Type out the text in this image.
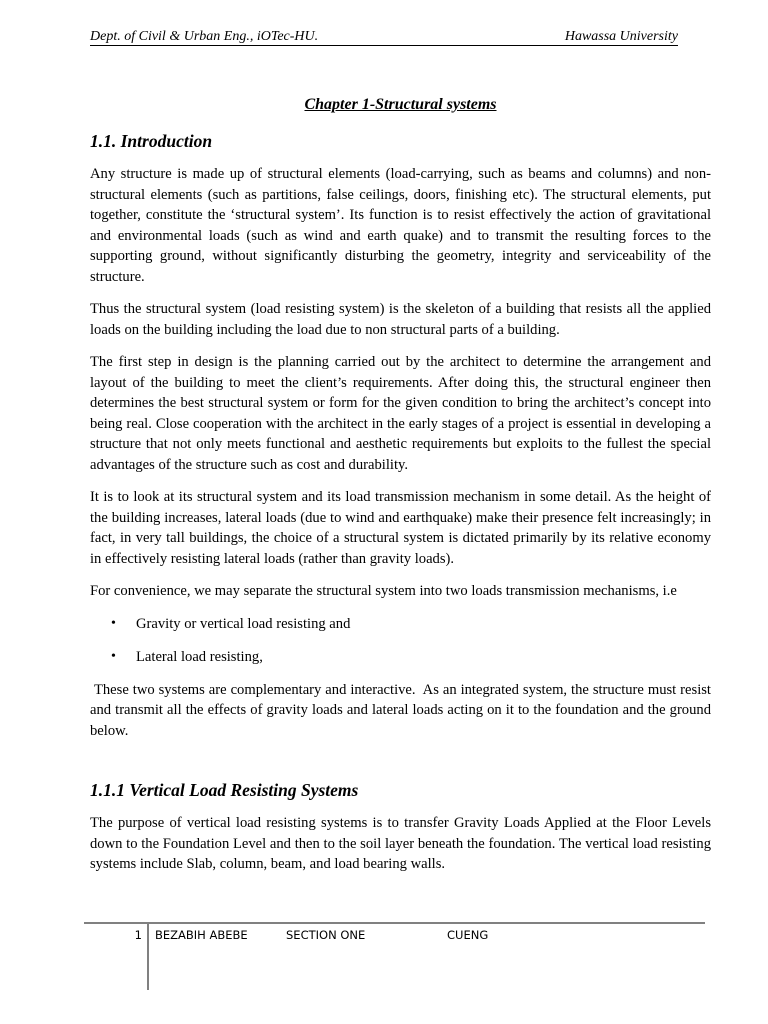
Dept. of Civil & Urban Eng., iOTec-HU.	Hawassa University
Chapter 1-Structural systems
1.1. Introduction

Any structure is made up of structural elements (load-carrying, such as beams and columns) and non-structural elements (such as partitions, false ceilings, doors, finishing etc). The structural elements, put together, constitute the ‘structural system’. Its function is to resist effectively the action of gravitational and environmental loads (such as wind and earth quake) and to transmit the resulting forces to the supporting ground, without significantly disturbing the geometry, integrity and serviceability of the structure.

Thus the structural system (load resisting system) is the skeleton of a building that resists all the applied loads on the building including the load due to non structural parts of a building.

The first step in design is the planning carried out by the architect to determine the arrangement and layout of the building to meet the client’s requirements. After doing this, the structural engineer then determines the best structural system or form for the given condition to bring the architect’s concept into being real. Close cooperation with the architect in the early stages of a project is essential in developing a structure that not only meets functional and aesthetic requirements but exploits to the fullest the special advantages of the structure such as cost and durability.

It is to look at its structural system and its load transmission mechanism in some detail. As the height of the building increases, lateral loads (due to wind and earthquake) make their presence felt increasingly; in fact, in very tall buildings, the choice of a structural system is dictated primarily by its relative economy in effectively resisting lateral loads (rather than gravity loads).

For convenience, we may separate the structural system into two loads transmission mechanisms, i.e

• Gravity or vertical load resisting and
• Lateral load resisting,

These two systems are complementary and interactive.  As an integrated system, the structure must resist and transmit all the effects of gravity loads and lateral loads acting on it to the foundation and the ground below.

1.1.1 Vertical Load Resisting Systems

The purpose of vertical load resisting systems is to transfer Gravity Loads Applied at the Floor Levels down to the Foundation Level and then to the soil layer beneath the foundation. The vertical load resisting systems include Slab, column, beam, and load bearing walls.

1 BEZABIH ABEBE	SECTION ONE	CUENG
